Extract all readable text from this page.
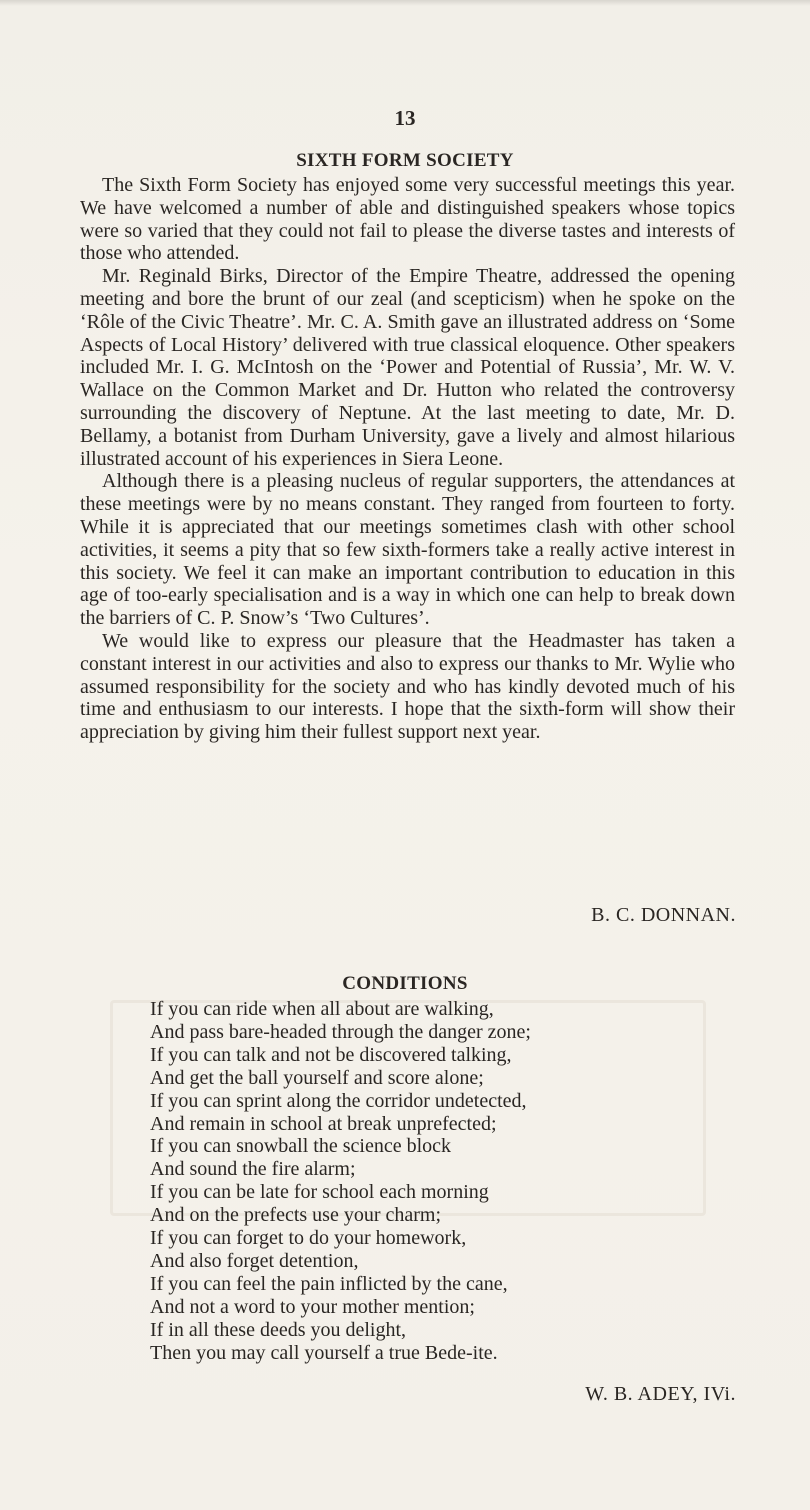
13
SIXTH FORM SOCIETY

The Sixth Form Society has enjoyed some very successful meetings this year. We have welcomed a number of able and distinguished speakers whose topics were so varied that they could not fail to please the diverse tastes and interests of those who attended.

Mr. Reginald Birks, Director of the Empire Theatre, addressed the opening meeting and bore the brunt of our zeal (and scepticism) when he spoke on the ‘Rôle of the Civic Theatre’. Mr. C. A. Smith gave an illustrated address on ‘Some Aspects of Local History’ delivered with true classical eloquence. Other speakers included Mr. I. G. McIntosh on the ‘Power and Potential of Russia’, Mr. W. V. Wallace on the Common Market and Dr. Hutton who related the controversy surrounding the discovery of Neptune. At the last meeting to date, Mr. D. Bellamy, a botanist from Durham University, gave a lively and almost hilarious illustrated account of his experiences in Siera Leone.

Although there is a pleasing nucleus of regular supporters, the attendances at these meetings were by no means constant. They ranged from fourteen to forty. While it is appreciated that our meetings sometimes clash with other school activities, it seems a pity that so few sixth-formers take a really active interest in this society. We feel it can make an important contribution to education in this age of too-early specialisation and is a way in which one can help to break down the barriers of C. P. Snow’s ‘Two Cultures’.

We would like to express our pleasure that the Headmaster has taken a constant interest in our activities and also to express our thanks to Mr. Wylie who assumed responsibility for the society and who has kindly devoted much of his time and enthusiasm to our interests. I hope that the sixth-form will show their appreciation by giving him their fullest support next year.

B. C. DONNAN.
CONDITIONS
If you can ride when all about are walking,
And pass bare-headed through the danger zone;
If you can talk and not be discovered talking,
And get the ball yourself and score alone;
If you can sprint along the corridor undetected,
And remain in school at break unprefected;
If you can snowball the science block
And sound the fire alarm;
If you can be late for school each morning
And on the prefects use your charm;
If you can forget to do your homework,
And also forget detention,
If you can feel the pain inflicted by the cane,
And not a word to your mother mention;
If in all these deeds you delight,
Then you may call yourself a true Bede-ite.
W. B. ADEY, IVi.
